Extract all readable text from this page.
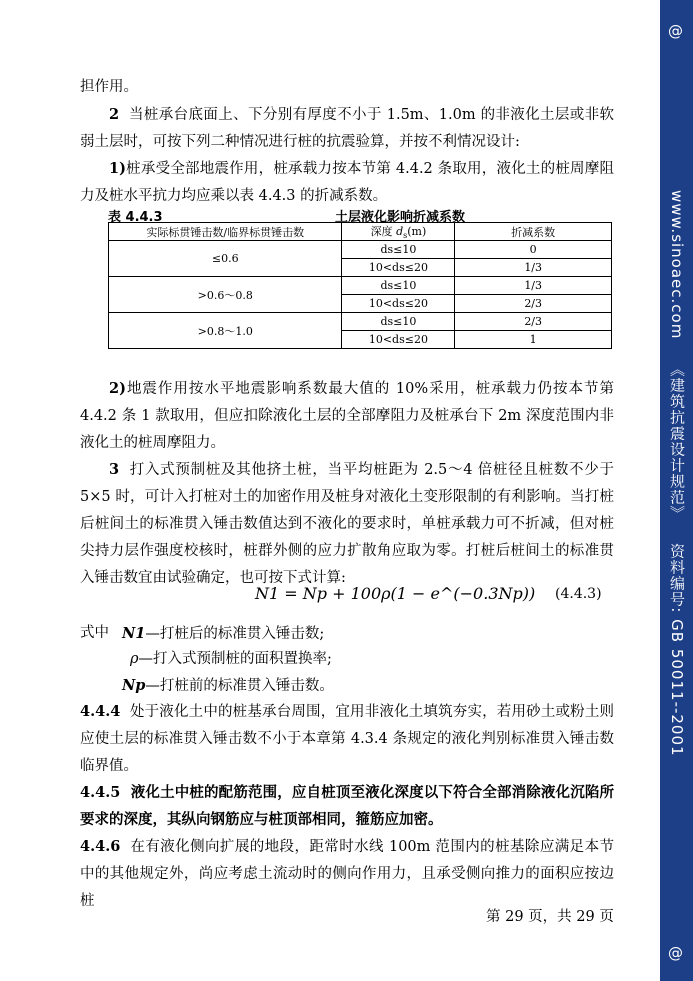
担作用。
2 当桩承台底面上、下分别有厚度不小于 1.5m、1.0m 的非液化土层或非软弱土层时，可按下列二种情况进行桩的抗震验算，并按不利情况设计:
1)桩承受全部地震作用，桩承载力按本节第 4.4.2 条取用，液化土的桩周摩阻力及桩水平抗力均应乘以表 4.4.3 的折减系数。
表 4.4.3	土层液化影响折减系数
实际标贯锤击数/临界标贯锤击数	深度 $d_s(m)$	折减系数
≤0.6	ds≤10	0
	10<ds≤20	1/3
>0.6～0.8	ds≤10	1/3
	10<ds≤20	2/3
>0.8～1.0	ds≤10	2/3
	10<ds≤20	1
2)地震作用按水平地震影响系数最大值的 10%采用，桩承载力仍按本节第 4.4.2 条 1 款取用，但应扣除液化土层的全部摩阻力及桩承台下 2m 深度范围内非液化土的桩周摩阻力。
3 打入式预制桩及其他挤土桩，当平均桩距为 2.5～4 倍桩径且桩数不少于 5×5 时，可计入打桩对土的加密作用及桩身对液化土变形限制的有利影响。当打桩后桩间土的标准贯入锤击数值达到不液化的要求时，单桩承载力可不折减，但对桩尖持力层作强度校核时，桩群外侧的应力扩散角应取为零。打桩后桩间土的标准贯入锤击数宜由试验确定，也可按下式计算:
N1 = Np + 100ρ(1 − e^(−0.3Np)) (4.4.3)
式中 N1—打桩后的标准贯入锤击数;
ρ—打入式预制桩的面积置换率;
Np—打桩前的标准贯入锤击数。
4.4.4 处于液化土中的桩基承台周围，宜用非液化土填筑夯实，若用砂土或粉土则应使土层的标准贯入锤击数不小于本章第 4.3.4 条规定的液化判别标准贯入锤击数临界值。
4.4.5 液化土中桩的配筋范围，应自桩顶至液化深度以下符合全部消除液化沉陷所要求的深度，其纵向钢筋应与桩顶部相同，箍筋应加密。
4.4.6 在有液化侧向扩展的地段，距常时水线 100m 范围内的桩基除应满足本节中的其他规定外，尚应考虑土流动时的侧向作用力，且承受侧向推力的面积应按边桩
第 29 页，共 29 页
@
www.sinoaec.com《建筑抗震设计规范》资料编号: GB 50011--2001
@
